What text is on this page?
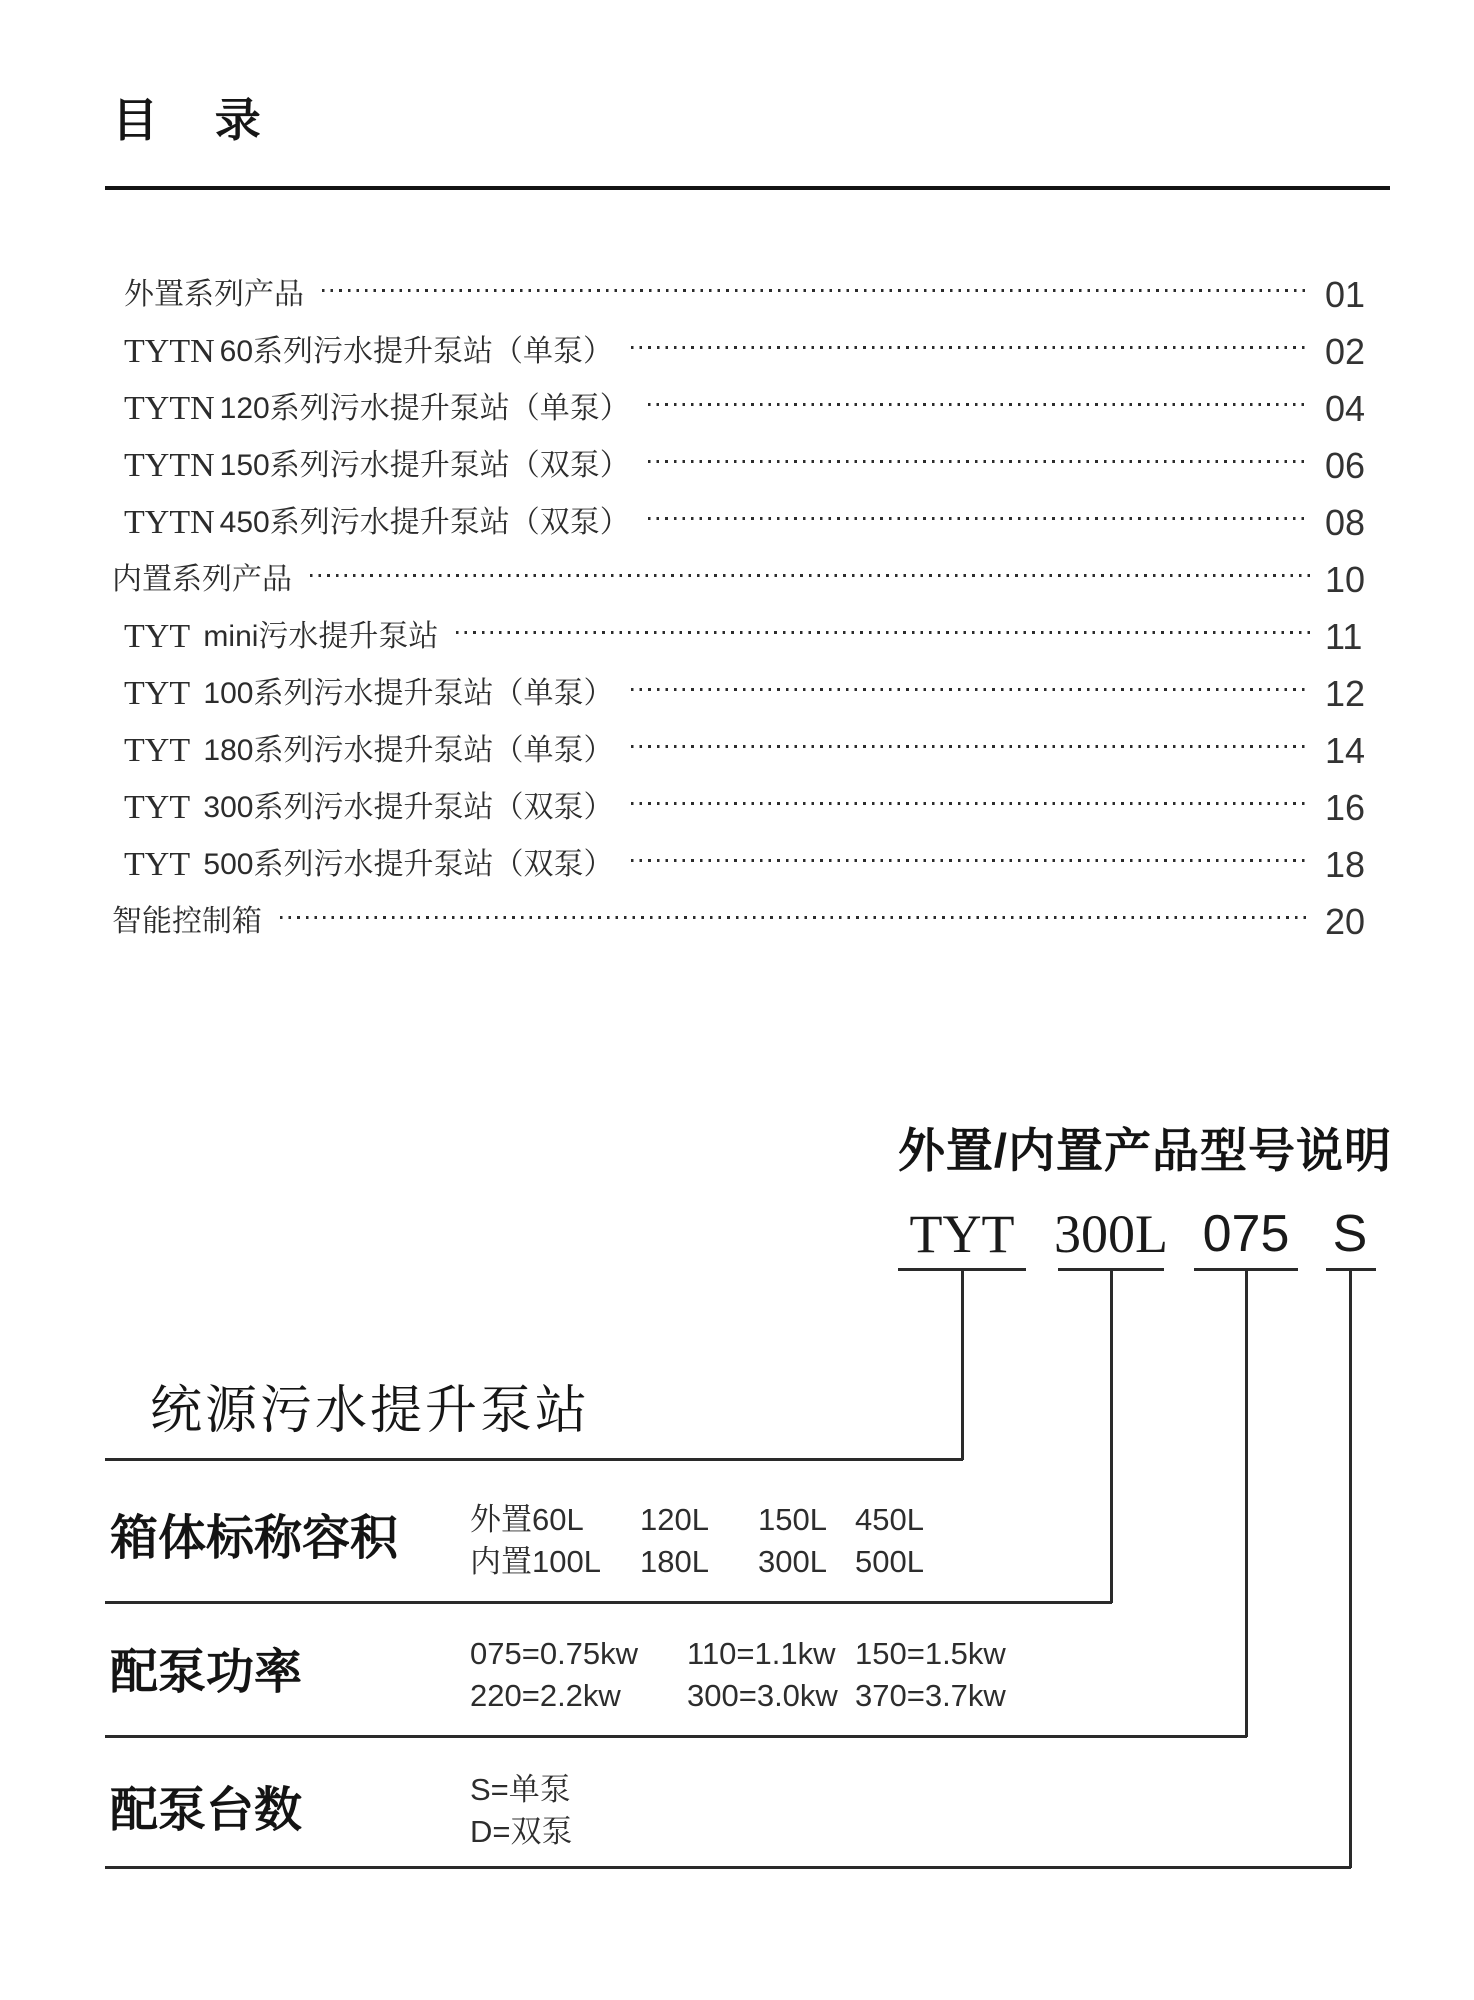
目 录
外置系列产品	01
TYTN 60系列污水提升泵站（单泵）	02
TYTN 120系列污水提升泵站（单泵）	04
TYTN 150系列污水提升泵站（双泵）	06
TYTN 450系列污水提升泵站（双泵）	08
内置系列产品	10
TYT mini污水提升泵站	11
TYT 100系列污水提升泵站（单泵）	12
TYT 180系列污水提升泵站（单泵）	14
TYT 300系列污水提升泵站（双泵）	16
TYT 500系列污水提升泵站（双泵）	18
智能控制箱	20
外置/内置产品型号说明
TYT 300L 075 S
统源污水提升泵站
箱体标称容积 外置60L	120L	150L 450L
内置100L	180L	300L 500L
配泵功率	075=0.75kw	110=1.1kw 150=1.5kw
220=2.2kw	300=3.0kw 370=3.7kw
配泵台数	S=单泵
D=双泵
